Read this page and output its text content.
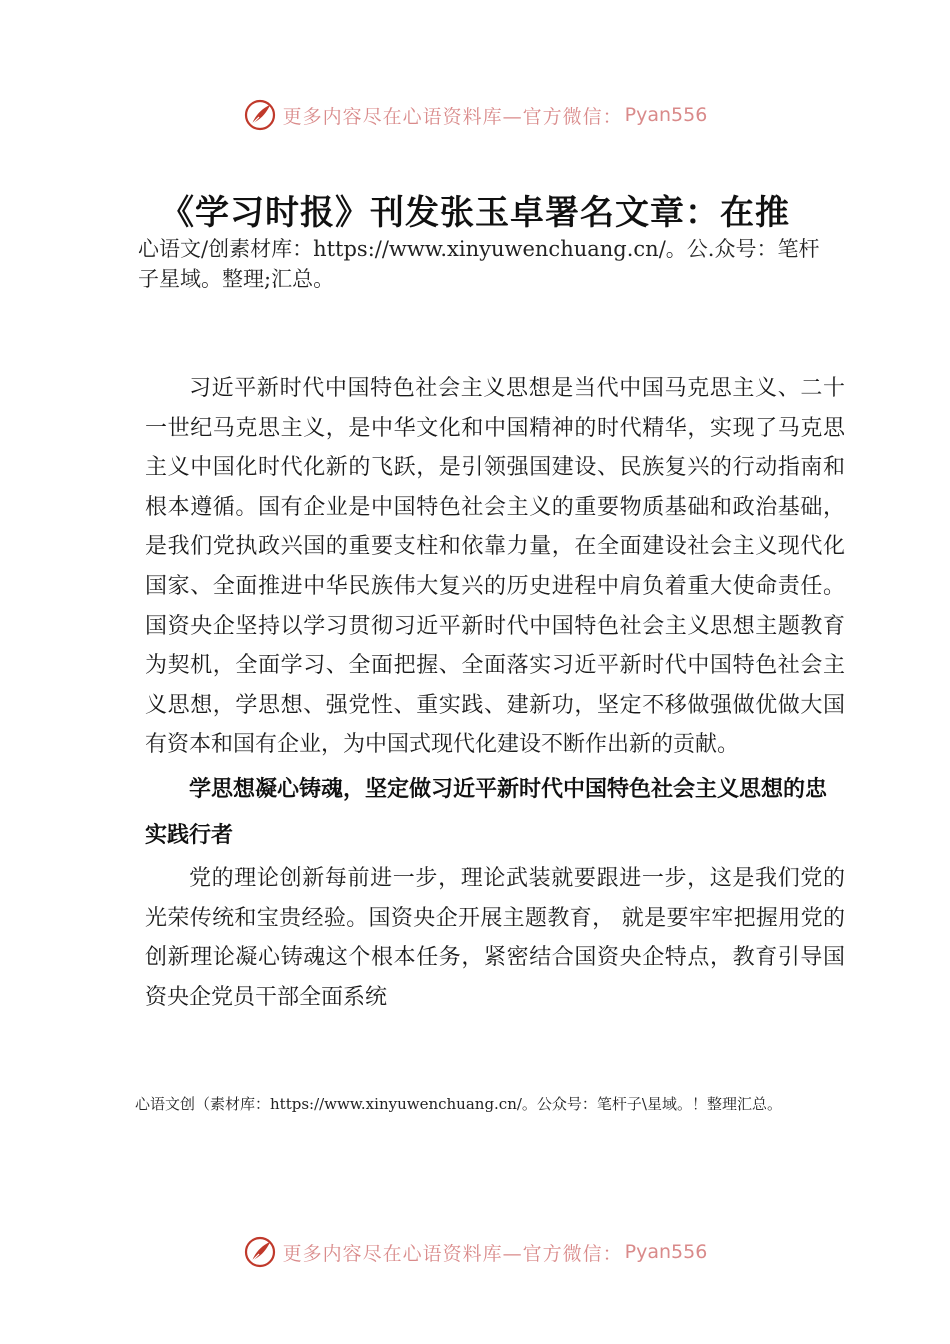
更多内容尽在心语资料库—官方微信： Pyan556
《学习时报》刊发张玉卓署名文章：在推
心语文/创素材库：https://www.xinyuwenchuang.cn/。公.众号：笔杆子星域。整理;汇总。

习近平新时代中国特色社会主义思想是当代中国马克思主义、二十一世纪马克思主义，是中华文化和中国精神的时代精华，实现了马克思主义中国化时代化新的飞跃，是引领强国建设、民族复兴的行动指南和根本遵循。国有企业是中国特色社会主义的重要物质基础和政治基础，是我们党执政兴国的重要支柱和依靠力量，在全面建设社会主义现代化国家、全面推进中华民族伟大复兴的历史进程中肩负着重大使命责任。国资央企坚持以学习贯彻习近平新时代中国特色社会主义思想主题教育为契机，全面学习、全面把握、全面落实习近平新时代中国特色社会主义思想，学思想、强党性、重实践、建新功，坚定不移做强做优做大国有资本和国有企业，为中国式现代化建设不断作出新的贡献。

学思想凝心铸魂，坚定做习近平新时代中国特色社会主义思想的忠实践行者

党的理论创新每前进一步，理论武装就要跟进一步，这是我们党的光荣传统和宝贵经验。国资央企开展主题教育， 就是要牢牢把握用党的创新理论凝心铸魂这个根本任务，紧密结合国资央企特点，教育引导国资央企党员干部全面系统

心语文创（素材库：https://www.xinyuwenchuang.cn/。公众号：笔杆子\星域。！整理汇总。
更多内容尽在心语资料库—官方微信： Pyan556
